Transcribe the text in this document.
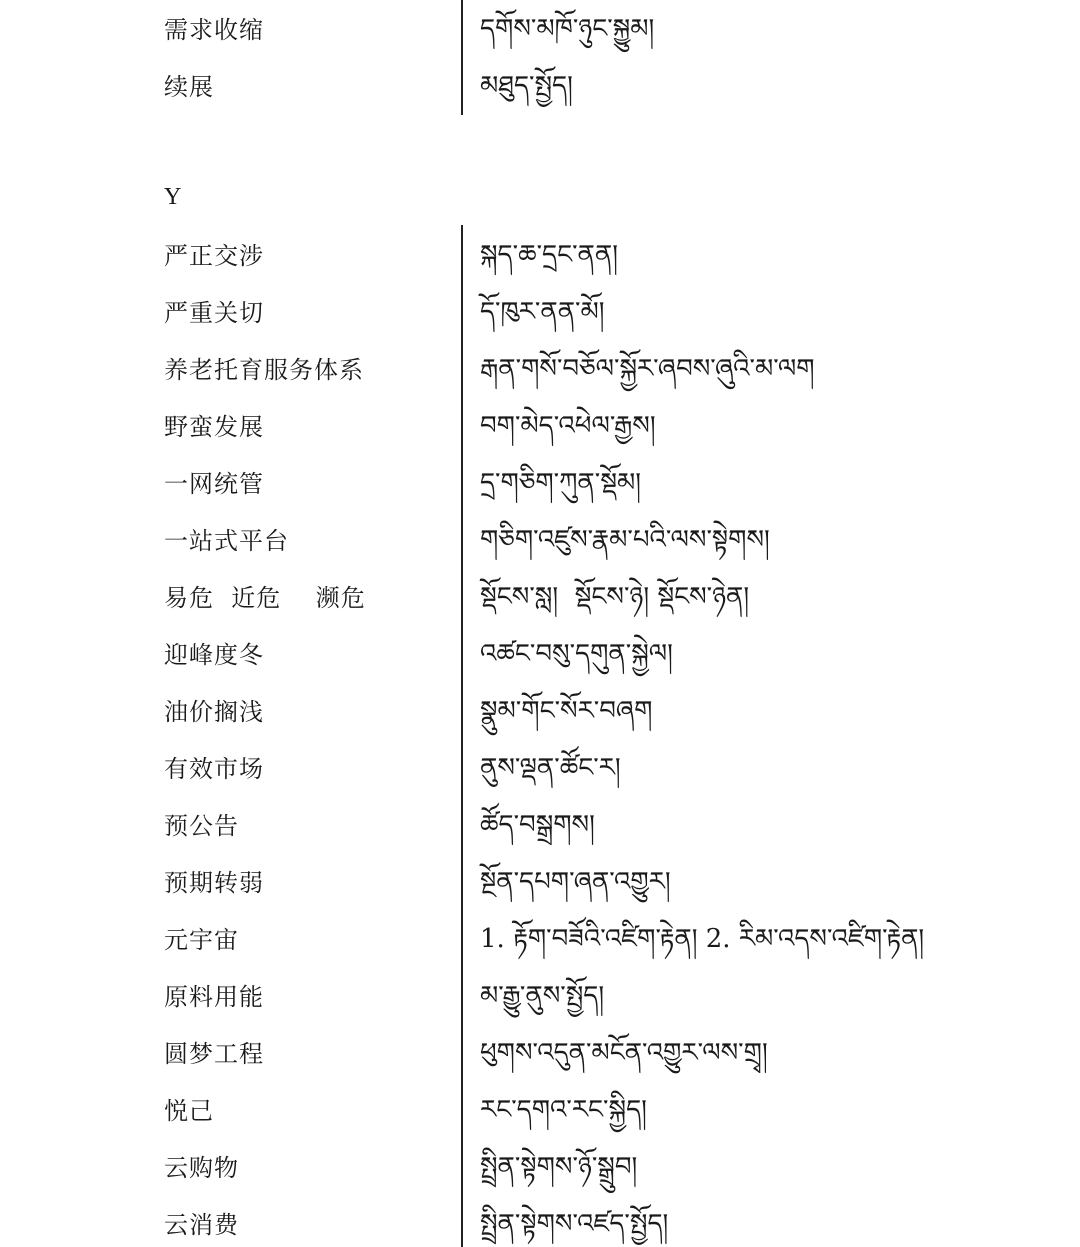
需求收缩	དགོས་མཁོ་ཉུང་སྐྱུམ།
续展	མཐུད་སྤྱོད།
Y
严正交涉	སྐད་ཆ་དྲང་ནན།
严重关切	དོ་ཁུར་ནན་མོ།
养老托育服务体系	རྒན་གསོ་བཅོལ་སྐྱོར་ཞབས་ཞུའི་མ་ལག
野蛮发展	བག་མེད་འཕེལ་རྒྱས།
一网统管	དྲ་གཅིག་ཀུན་སྡོམ།
一站式平台	གཅིག་འཛུས་རྣམ་པའི་ལས་སྟེགས།
易危  近危    濒危	སྡོངས་སླ།  སྡོངས་ཉེ། སྡོངས་ཉེན།
迎峰度冬	འཚང་བསུ་དགུན་སྐྱེལ།
油价搁浅	སྣུམ་གོང་སོར་བཞག
有效市场	ནུས་ལྡན་ཚོང་ར།
预公告	ཚོད་བསྒྲགས།
预期转弱	སྔོན་དཔག་ཞན་འགྱུར།
元宇宙	1. རྟོག་བཟོའི་འཛིག་རྟེན། 2. རིམ་འདས་འཛིག་རྟེན།
原料用能	མ་རྒྱུ་ནུས་སྤྱོད།
圆梦工程	ཕུགས་འདུན་མངོན་འགྱུར་ལས་གྲྭ།
悦己	རང་དགའ་རང་སྐྱིད།
云购物	སྤྲིན་སྟེགས་ཉོ་སྒྲུབ།
云消费	སྤྲིན་སྟེགས་འཛད་སྤྱོད།
